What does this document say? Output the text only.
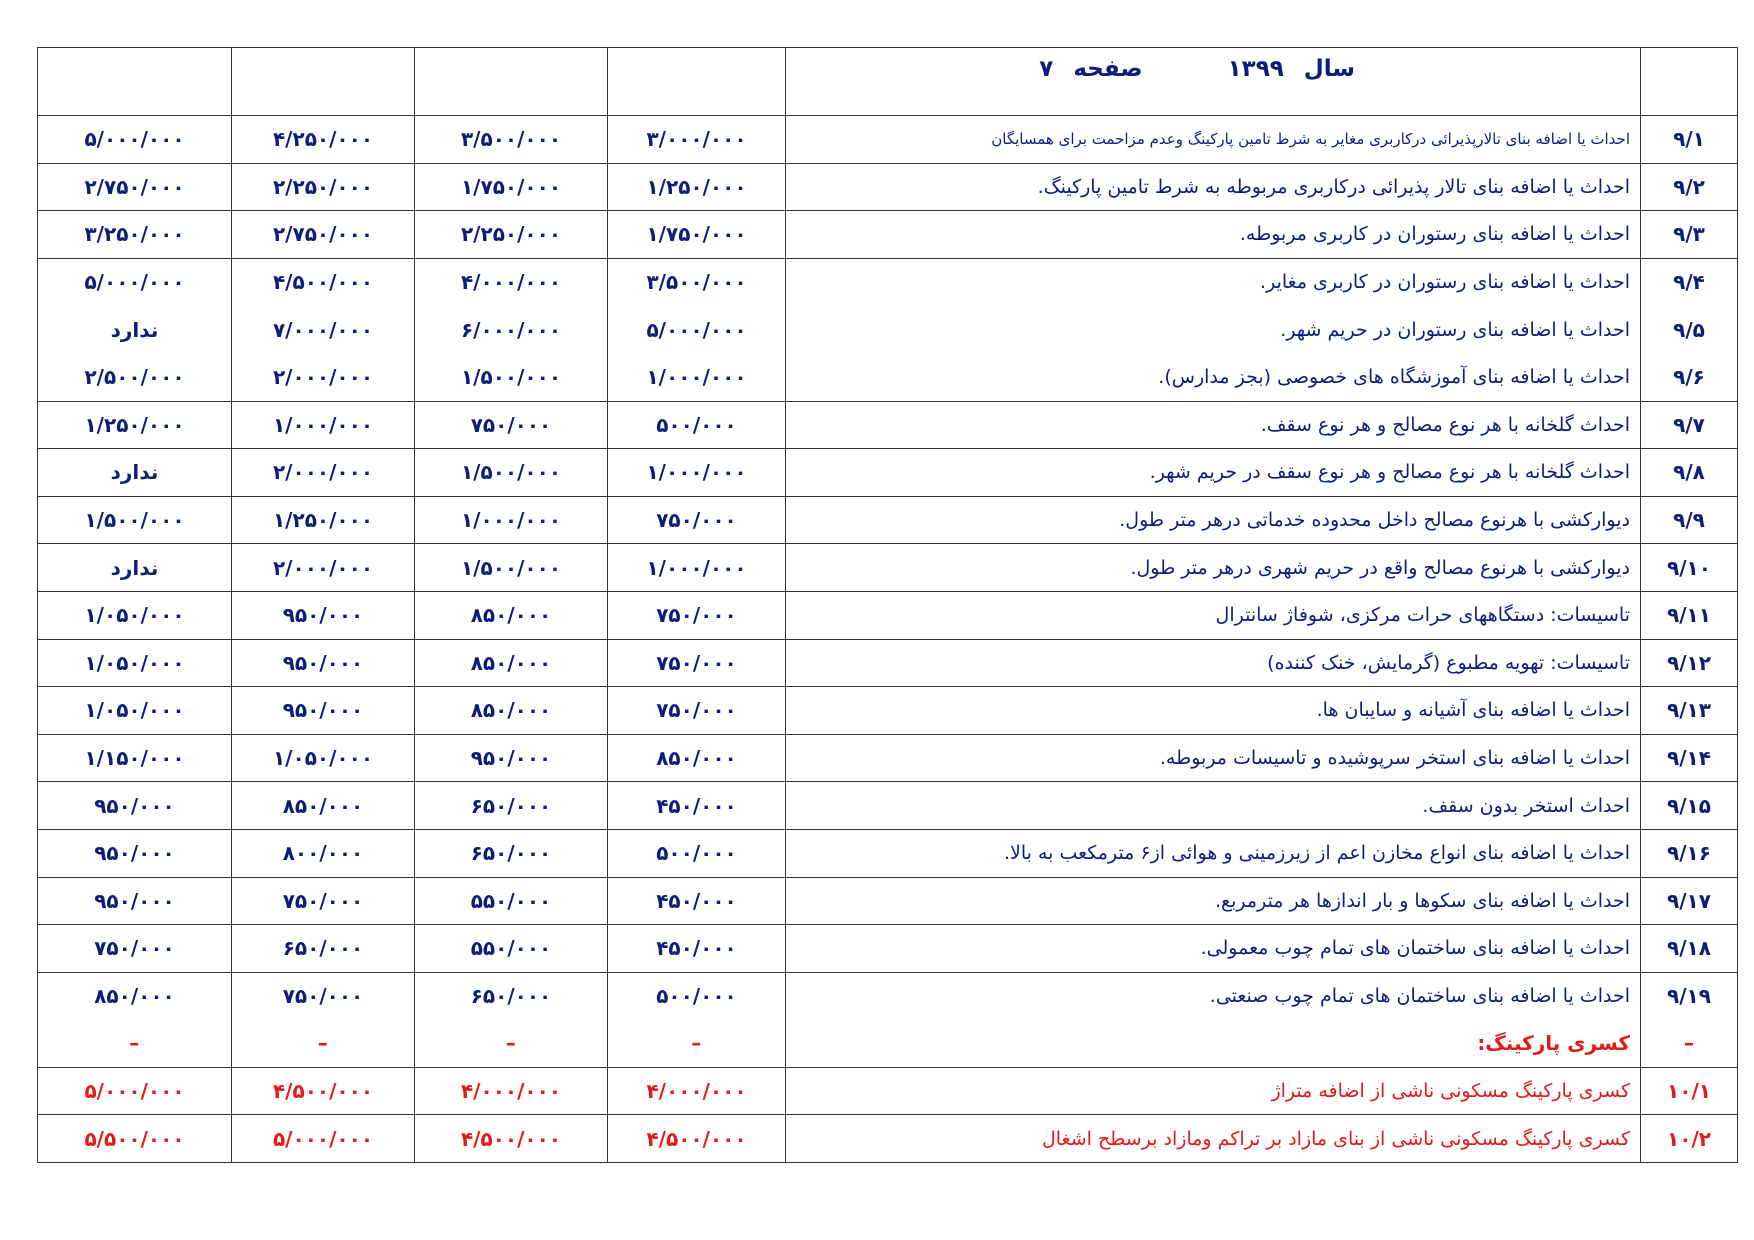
	سال۱۳۹۹صفحه۷				
۹/۱	احداث یا اضافه بنای تالارپذیرائی درکاربری مغایر به شرط تامین پارکینگ وعدم مزاحمت برای همسایگان	۳/۰۰۰/۰۰۰	۳/۵۰۰/۰۰۰	۴/۲۵۰/۰۰۰	۵/۰۰۰/۰۰۰
۹/۲	احداث یا اضافه بنای تالار پذیرائی درکاربری مربوطه به شرط تامین پارکینگ.	۱/۲۵۰/۰۰۰	۱/۷۵۰/۰۰۰	۲/۲۵۰/۰۰۰	۲/۷۵۰/۰۰۰
۹/۳	احداث یا اضافه بنای رستوران در کاربری مربوطه.	۱/۷۵۰/۰۰۰	۲/۲۵۰/۰۰۰	۲/۷۵۰/۰۰۰	۳/۲۵۰/۰۰۰
۹/۴	احداث یا اضافه بنای رستوران در کاربری مغایر.	۳/۵۰۰/۰۰۰	۴/۰۰۰/۰۰۰	۴/۵۰۰/۰۰۰	۵/۰۰۰/۰۰۰
۹/۵	احداث یا اضافه بنای رستوران در حریم شهر.	۵/۰۰۰/۰۰۰	۶/۰۰۰/۰۰۰	۷/۰۰۰/۰۰۰	ندارد
۹/۶	احداث یا اضافه بنای آموزشگاه های خصوصی (بجز مدارس).	۱/۰۰۰/۰۰۰	۱/۵۰۰/۰۰۰	۲/۰۰۰/۰۰۰	۲/۵۰۰/۰۰۰
۹/۷	احداث گلخانه با هر نوع مصالح و هر نوع سقف.	۵۰۰/۰۰۰	۷۵۰/۰۰۰	۱/۰۰۰/۰۰۰	۱/۲۵۰/۰۰۰
۹/۸	احداث گلخانه با هر نوع مصالح و هر نوع سقف در حریم شهر.	۱/۰۰۰/۰۰۰	۱/۵۰۰/۰۰۰	۲/۰۰۰/۰۰۰	ندارد
۹/۹	دیوارکشی با هرنوع مصالح داخل محدوده خدماتی درهر متر طول.	۷۵۰/۰۰۰	۱/۰۰۰/۰۰۰	۱/۲۵۰/۰۰۰	۱/۵۰۰/۰۰۰
۹/۱۰	دیوارکشی با هرنوع مصالح واقع در حریم شهری درهر متر طول.	۱/۰۰۰/۰۰۰	۱/۵۰۰/۰۰۰	۲/۰۰۰/۰۰۰	ندارد
۹/۱۱	تاسیسات: دستگاههای حرات مرکزی، شوفاژ سانترال	۷۵۰/۰۰۰	۸۵۰/۰۰۰	۹۵۰/۰۰۰	۱/۰۵۰/۰۰۰
۹/۱۲	تاسیسات: تهویه مطبوع (گرمایش، خنک کننده)	۷۵۰/۰۰۰	۸۵۰/۰۰۰	۹۵۰/۰۰۰	۱/۰۵۰/۰۰۰
۹/۱۳	احداث یا اضافه بنای آشیانه و سایبان ها.	۷۵۰/۰۰۰	۸۵۰/۰۰۰	۹۵۰/۰۰۰	۱/۰۵۰/۰۰۰
۹/۱۴	احداث یا اضافه بنای استخر سرپوشیده و تاسیسات مربوطه.	۸۵۰/۰۰۰	۹۵۰/۰۰۰	۱/۰۵۰/۰۰۰	۱/۱۵۰/۰۰۰
۹/۱۵	احداث استخر بدون سقف.	۴۵۰/۰۰۰	۶۵۰/۰۰۰	۸۵۰/۰۰۰	۹۵۰/۰۰۰
۹/۱۶	احداث یا اضافه بنای انواع مخازن اعم از زیرزمینی و هوائی از۶ مترمکعب به بالا.	۵۰۰/۰۰۰	۶۵۰/۰۰۰	۸۰۰/۰۰۰	۹۵۰/۰۰۰
۹/۱۷	احداث یا اضافه بنای سکوها و بار اندازها هر مترمربع.	۴۵۰/۰۰۰	۵۵۰/۰۰۰	۷۵۰/۰۰۰	۹۵۰/۰۰۰
۹/۱۸	احداث یا اضافه بنای ساختمان های تمام چوب معمولی.	۴۵۰/۰۰۰	۵۵۰/۰۰۰	۶۵۰/۰۰۰	۷۵۰/۰۰۰
۹/۱۹	احداث یا اضافه بنای ساختمان های تمام چوب صنعتی.	۵۰۰/۰۰۰	۶۵۰/۰۰۰	۷۵۰/۰۰۰	۸۵۰/۰۰۰
–	کسری پارکینگ:	–	–	–	–
۱۰/۱	کسری پارکینگ مسکونی ناشی از اضافه متراژ	۴/۰۰۰/۰۰۰	۴/۰۰۰/۰۰۰	۴/۵۰۰/۰۰۰	۵/۰۰۰/۰۰۰
۱۰/۲	کسری پارکینگ مسکونی ناشی از بنای مازاد بر تراکم ومازاد برسطح اشغال	۴/۵۰۰/۰۰۰	۴/۵۰۰/۰۰۰	۵/۰۰۰/۰۰۰	۵/۵۰۰/۰۰۰
